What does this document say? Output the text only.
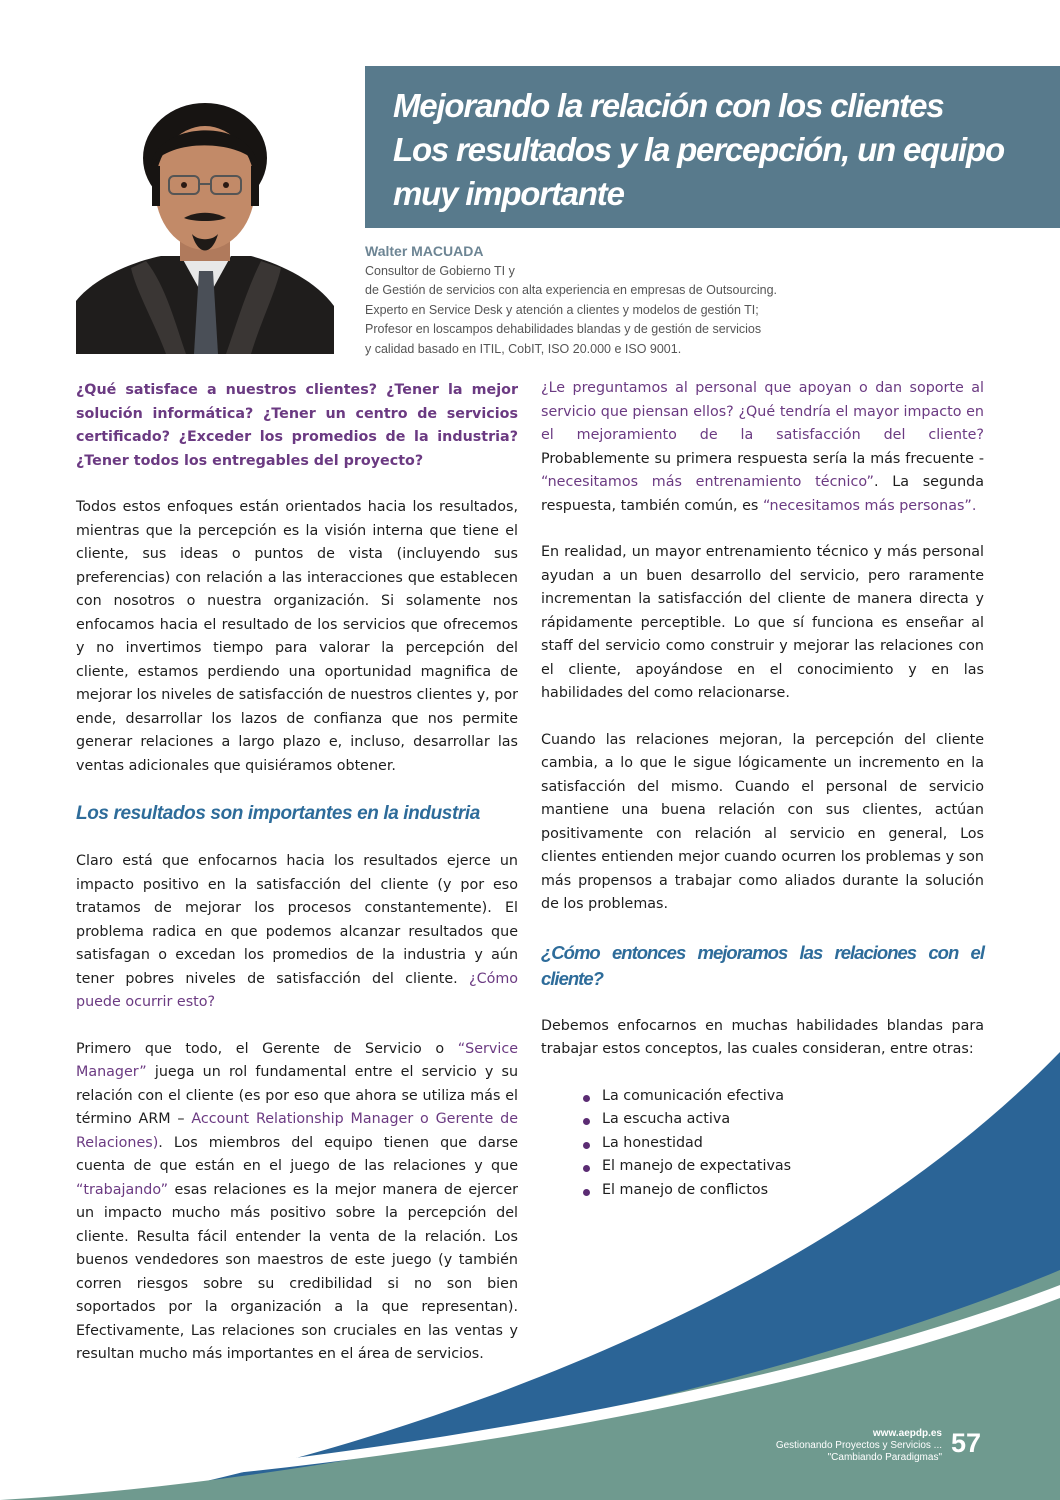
Mejorando la relación con los clientes
Los resultados y la percepción, un equipo
muy importante
Walter MACUADA
Consultor de Gobierno TI y
de Gestión de servicios con alta experiencia en empresas de Outsourcing.
Experto en Service Desk y atención a clientes y modelos de gestión TI;
Profesor en loscampos dehabilidades blandas y de gestión de servicios
y calidad basado en ITIL, CobIT, ISO 20.000 e ISO 9001.

¿Qué satisface a nuestros clientes? ¿Tener la mejor solución informática? ¿Tener un centro de servicios certificado? ¿Exceder los promedios de la industria? ¿Tener todos los entregables del proyecto?

Todos estos enfoques están orientados hacia los resultados, mientras que la percepción es la visión interna que tiene el cliente, sus ideas o puntos de vista (incluyendo sus preferencias) con relación a las interacciones que establecen con nosotros o nuestra organización. Si solamente nos enfocamos hacia el resultado de los servicios que ofrecemos y no invertimos tiempo para valorar la percepción del cliente, estamos perdiendo una oportunidad magnifica de mejorar los niveles de satisfacción de nuestros clientes y, por ende, desarrollar los lazos de confianza que nos permite generar relaciones a largo plazo e, incluso, desarrollar las ventas adicionales que quisiéramos obtener.

Los resultados son importantes en la industria

Claro está que enfocarnos hacia los resultados ejerce un impacto positivo en la satisfacción del cliente (y por eso tratamos de mejorar los procesos constantemente). El problema radica en que podemos alcanzar resultados que satisfagan o excedan los promedios de la industria y aún tener pobres niveles de satisfacción del cliente. ¿Cómo puede ocurrir esto?

Primero que todo, el Gerente de Servicio o “Service Manager” juega un rol fundamental entre el servicio y su relación con el cliente (es por eso que ahora se utiliza más el término ARM – Account Relationship Manager o Gerente de Relaciones). Los miembros del equipo tienen que darse cuenta de que están en el juego de las relaciones y que “trabajando” esas relaciones es la mejor manera de ejercer un impacto mucho más positivo sobre la percepción del cliente. Resulta fácil entender la venta de la relación. Los buenos vendedores son maestros de este juego (y también corren riesgos sobre su credibilidad si no son bien soportados por la organización a la que representan). Efectivamente, Las relaciones son cruciales en las ventas y resultan mucho más importantes en el área de servicios.

¿Le preguntamos al personal que apoyan o dan soporte al servicio que piensan ellos? ¿Qué tendría el mayor impacto en el mejoramiento de la satisfacción del cliente? Probablemente su primera respuesta sería la más frecuente - “necesitamos más entrenamiento técnico”. La segunda respuesta, también común, es “necesitamos más personas”.

En realidad, un mayor entrenamiento técnico y más personal ayudan a un buen desarrollo del servicio, pero raramente incrementan la satisfacción del cliente de manera directa y rápidamente perceptible. Lo que sí funciona es enseñar al staff del servicio como construir y mejorar las relaciones con el cliente, apoyándose en el conocimiento y en las habilidades del como relacionarse.

Cuando las relaciones mejoran, la percepción del cliente cambia, a lo que le sigue lógicamente un incremento en la satisfacción del mismo. Cuando el personal de servicio mantiene una buena relación con sus clientes, actúan positivamente con relación al servicio en general, Los clientes entienden mejor cuando ocurren los problemas y son más propensos a trabajar como aliados durante la solución de los problemas.

¿Cómo entonces mejoramos las relaciones con el cliente?

Debemos enfocarnos en muchas habilidades blandas para trabajar estos conceptos, las cuales consideran, entre otras:

La comunicación efectiva
La escucha activa
La honestidad
El manejo de expectativas
El manejo de conflictos
www.aepdp.es
Gestionando Proyectos y Servicios ...
"Cambiando Paradigmas" 57
